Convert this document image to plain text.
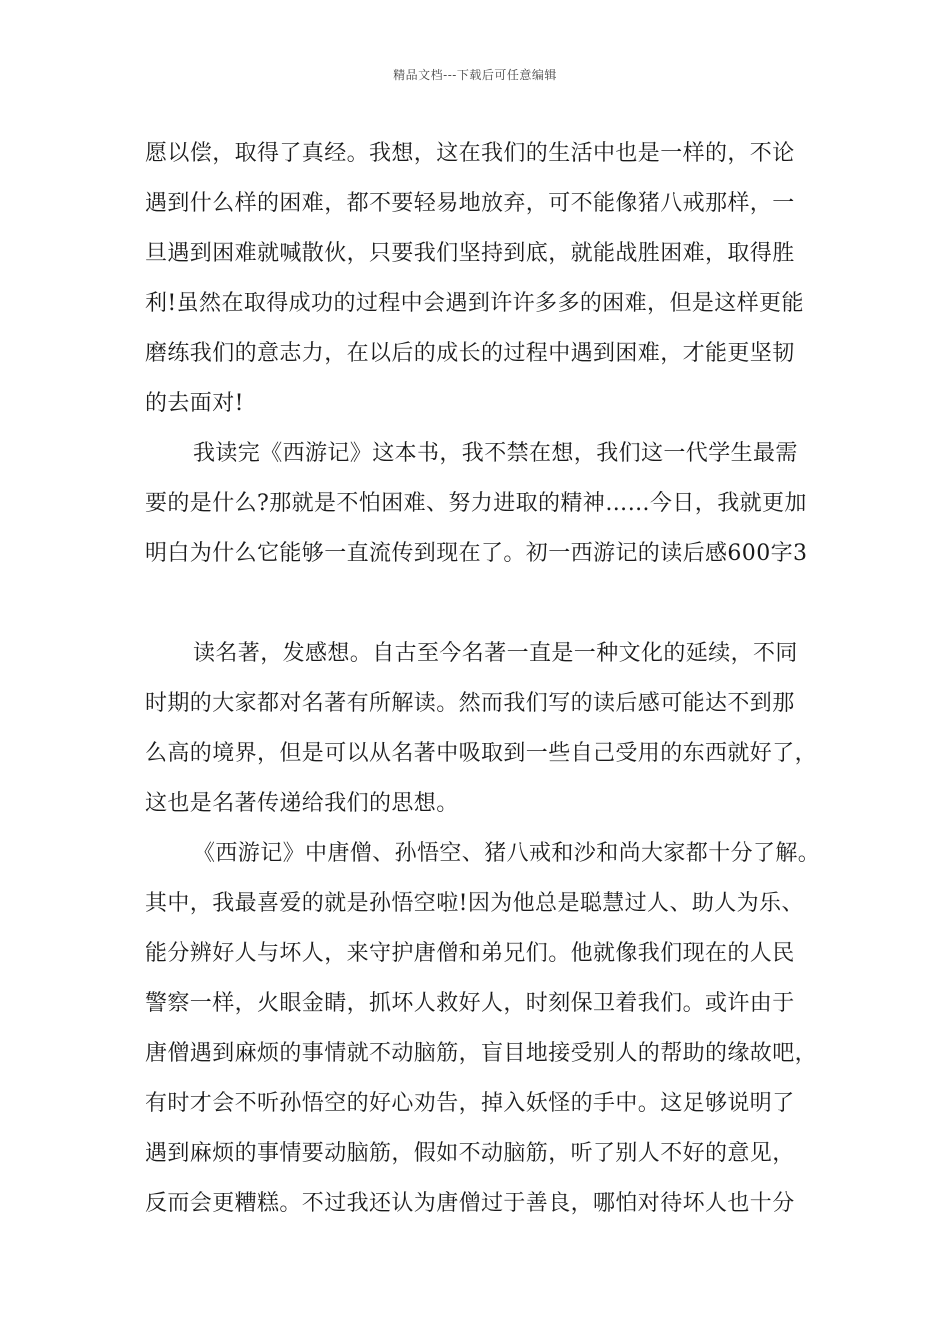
精品文档---下载后可任意编辑
愿以偿，取得了真经。我想，这在我们的生活中也是一样的，不论
遇到什么样的困难，都不要轻易地放弃，可不能像猪八戒那样，一
旦遇到困难就喊散伙，只要我们坚持到底，就能战胜困难，取得胜
利!虽然在取得成功的过程中会遇到许许多多的困难，但是这样更能
磨练我们的意志力，在以后的成长的过程中遇到困难，才能更坚韧
的去面对!
我读完《西游记》这本书，我不禁在想，我们这一代学生最需
要的是什么?那就是不怕困难、努力进取的精神……今日，我就更加
明白为什么它能够一直流传到现在了。初一西游记的读后感600字3
读名著，发感想。自古至今名著一直是一种文化的延续，不同
时期的大家都对名著有所解读。然而我们写的读后感可能达不到那
么高的境界，但是可以从名著中吸取到一些自己受用的东西就好了，
这也是名著传递给我们的思想。
《西游记》中唐僧、孙悟空、猪八戒和沙和尚大家都十分了解。
其中，我最喜爱的就是孙悟空啦!因为他总是聪慧过人、助人为乐、
能分辨好人与坏人，来守护唐僧和弟兄们。他就像我们现在的人民
警察一样，火眼金睛，抓坏人救好人，时刻保卫着我们。或许由于
唐僧遇到麻烦的事情就不动脑筋，盲目地接受别人的帮助的缘故吧，
有时才会不听孙悟空的好心劝告，掉入妖怪的手中。这足够说明了
遇到麻烦的事情要动脑筋，假如不动脑筋，听了别人不好的意见，
反而会更糟糕。不过我还认为唐僧过于善良，哪怕对待坏人也十分
